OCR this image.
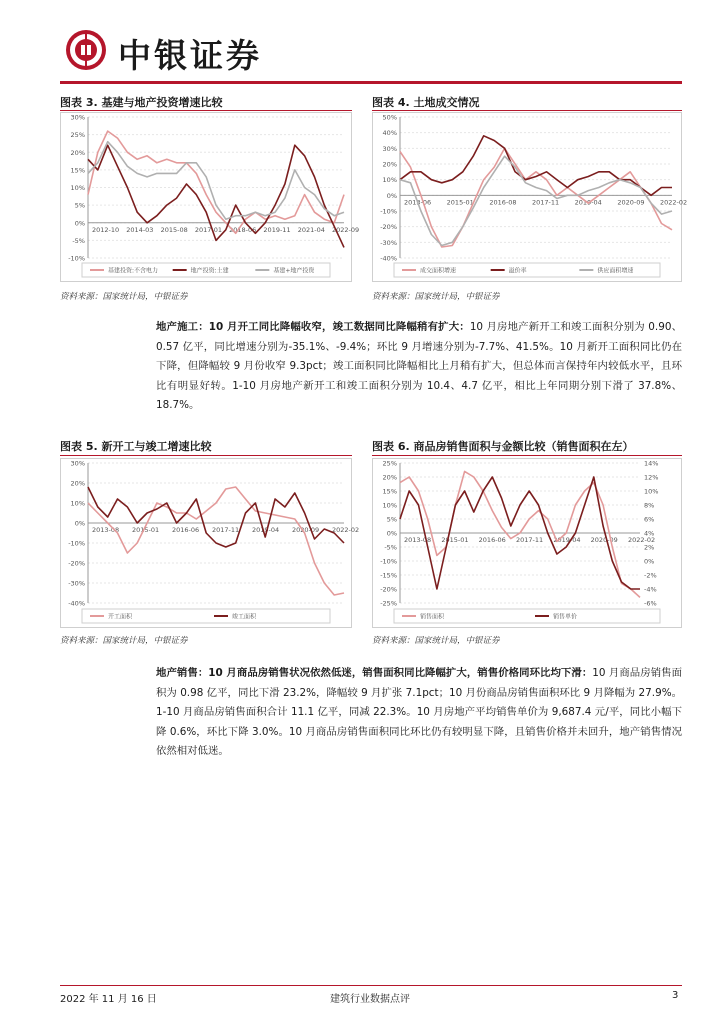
中银证券
图表 3. 基建与地产投资增速比较
30%
25%
20%
15%
10%
5%
0%
-5%
-10%
2012-10 2014-03 2015-08 2017-01 2018-06 2019-11 2021-04 2022-09
基建投资:不含电力	地产投资:土建	基建+地产投资
资料来源：国家统计局，中银证券
图表 4. 土地成交情况
50%
40%
30%
20%
10%
0%
-10%
-20%
-30%
-40%
2013-06 2015-01 2016-08 2017-11 2019-04 2020-09 2022-02
成交面积增速	溢价率	供应面积增速
资料来源：国家统计局，中银证券
地产施工：10 月开工同比降幅收窄，竣工数据同比降幅稍有扩大：10 月房地产新开工和竣工面积分别为 0.90、0.57 亿平，同比增速分别为-35.1%、-9.4%；环比 9 月增速分别为-7.7%、41.5%。10 月新开工面积同比仍在下降，但降幅较 9 月份收窄 9.3pct；竣工面积同比降幅相比上月稍有扩大，但总体而言保持年内较低水平，且环比有明显好转。1-10 月房地产新开工和竣工面积分别为 10.4、4.7 亿平，相比上年同期分别下滑了 37.8%、18.7%。
图表 5. 新开工与竣工增速比较
30%
20%
10%
0%
-10%
-20%
-30%
-40%
2013-08 2015-01 2016-06 2017-11 2019-04 2020-09 2022-02
开工面积	竣工面积
资料来源：国家统计局，中银证券
图表 6. 商品房销售面积与金额比较（销售面积在左）
25%
20%
15%
10%
5%
0%
-5%
-10%
-15%
-20%
-25%
14%
12%
10%
8%
6%
4%
2%
0%
-2%
-4%
-6%
2013-08 2015-01 2016-06 2017-11 2019-04 2020-09 2022-02
销售面积	销售单价
资料来源：国家统计局，中银证券
地产销售：10 月商品房销售状况依然低迷，销售面积同比降幅扩大，销售价格同环比均下滑：10 月商品房销售面积为 0.98 亿平，同比下滑 23.2%，降幅较 9 月扩张 7.1pct；10 月份商品房销售面积环比 9 月降幅为 27.9%。1-10 月商品房销售面积合计 11.1 亿平，同减 22.3%。10 月房地产平均销售单价为 9,687.4 元/平，同比小幅下降 0.6%，环比下降 3.0%。10 月商品房销售面积同比环比仍有较明显下降，且销售价格并未回升，地产销售情况依然相对低迷。
2022 年 11 月 16 日	建筑行业数据点评	3
